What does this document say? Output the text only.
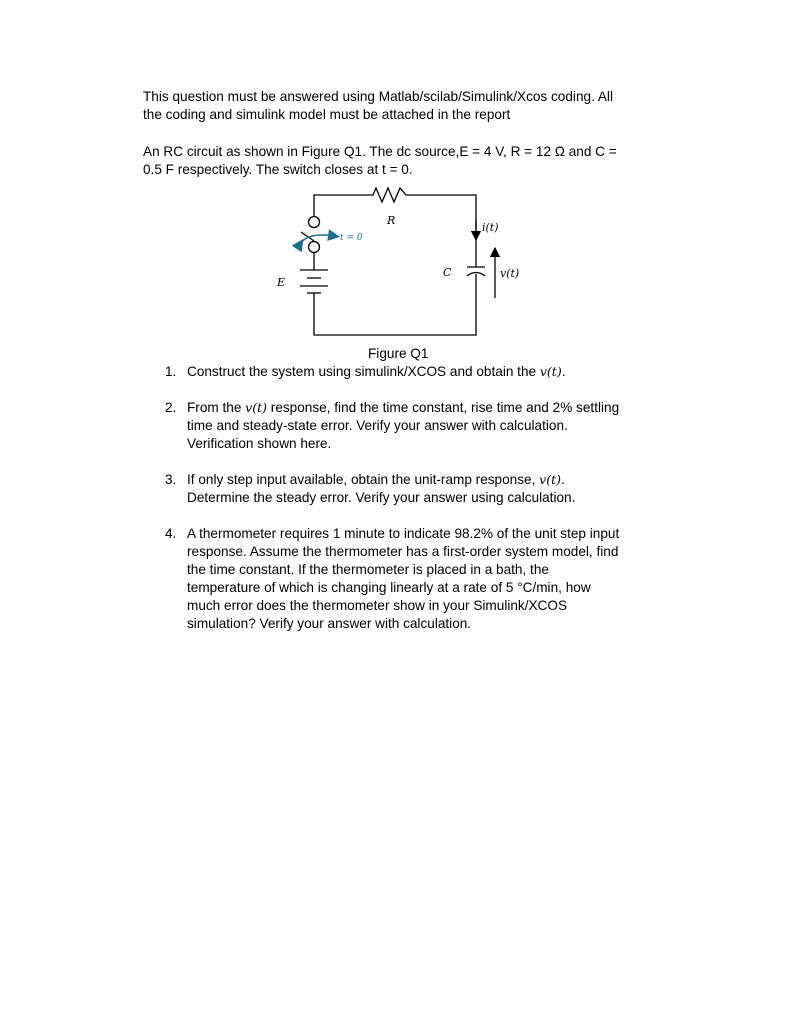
This question must be answered using Matlab/scilab/Simulink/Xcos coding. All
the coding and simulink model must be attached in the report

An RC circuit as shown in Figure Q1. The dc source,E = 4 V, R = 12 Ω and C =
0.5 F respectively. The switch closes at t = 0.

R
C
E
i(t)
v(t)
t = 0
Figure Q1
1. Construct the system using simulink/XCOS and obtain the v(t).
2. From the v(t) response, find the time constant, rise time and 2% settling
time and steady-state error. Verify your answer with calculation.
Verification shown here.
3. If only step input available, obtain the unit-ramp response, v(t).
Determine the steady error. Verify your answer using calculation.
4. A thermometer requires 1 minute to indicate 98.2% of the unit step input
response. Assume the thermometer has a first-order system model, find
the time constant. If the thermometer is placed in a bath, the
temperature of which is changing linearly at a rate of 5 °C/min, how
much error does the thermometer show in your Simulink/XCOS
simulation? Verify your answer with calculation.
